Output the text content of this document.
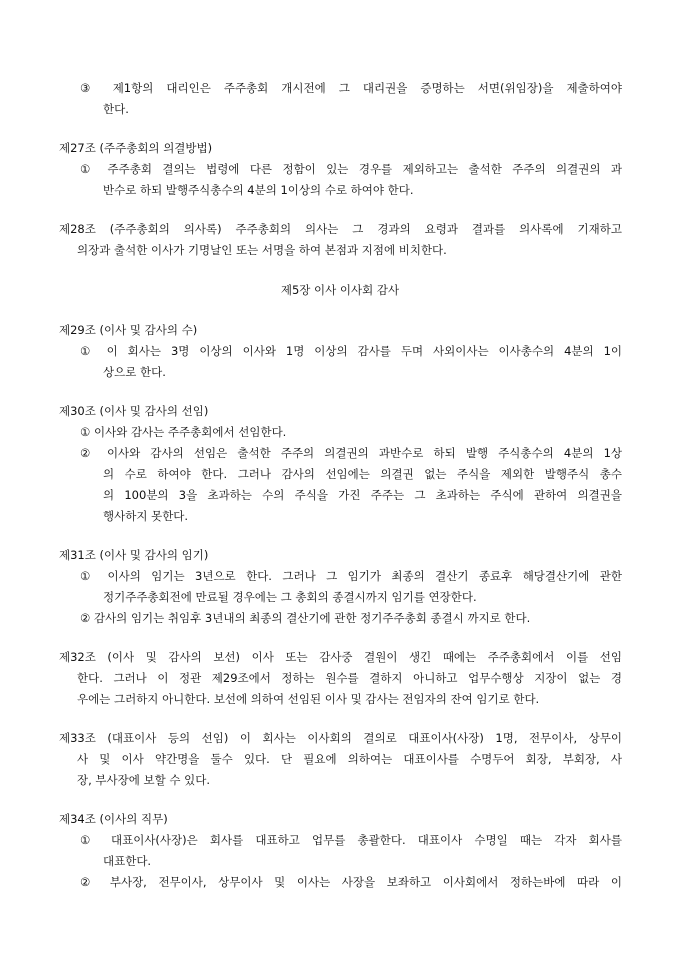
③ 제1항의 대리인은 주주총회 개시전에 그 대리권을 증명하는 서면(위임장)을 제출하여야
한다.
제27조 (주주총회의 의결방법)
① 주주총회 결의는 법령에 다른 정함이 있는 경우를 제외하고는 출석한 주주의 의결권의 과
반수로 하되 발행주식총수의 4분의 1이상의 수로 하여야 한다.
제28조 (주주총회의 의사록) 주주총회의 의사는 그 경과의 요령과 결과를 의사록에 기재하고
의장과 출석한 이사가 기명날인 또는 서명을 하여 본점과 지점에 비치한다.
제5장 이사 이사회 감사
제29조 (이사 및 감사의 수)
① 이 회사는 3명 이상의 이사와 1명 이상의 감사를 두며 사외이사는 이사총수의 4분의 1이
상으로 한다.
제30조 (이사 및 감사의 선임)
① 이사와 감사는 주주총회에서 선임한다.
② 이사와 감사의 선임은 출석한 주주의 의결권의 과반수로 하되 발행 주식총수의 4분의 1상
의 수로 하여야 한다. 그러나 감사의 선임에는 의결권 없는 주식을 제외한 발행주식 총수
의 100분의 3을 초과하는 수의 주식을 가진 주주는 그 초과하는 주식에 관하여 의결권을
행사하지 못한다.
제31조 (이사 및 감사의 임기)
① 이사의 임기는 3년으로 한다. 그러나 그 임기가 최종의 결산기 종료후 해당결산기에 관한
정기주주총회전에 만료될 경우에는 그 총회의 종결시까지 임기를 연장한다.
② 감사의 임기는 취임후 3년내의 최종의 결산기에 관한 정기주주총회 종결시 까지로 한다.
제32조 (이사 및 감사의 보선) 이사 또는 감사중 결원이 생긴 때에는 주주총회에서 이를 선임
한다. 그러나 이 정관 제29조에서 정하는 원수를 결하지 아니하고 업무수행상 지장이 없는 경
우에는 그러하지 아니한다. 보선에 의하여 선임된 이사 및 감사는 전임자의 잔여 임기로 한다.
제33조 (대표이사 등의 선임) 이 회사는 이사회의 결의로 대표이사(사장) 1명, 전무이사, 상무이
사 및 이사 약간명을 둘수 있다. 단 필요에 의하여는 대표이사를 수명두어 회장, 부회장, 사
장, 부사장에 보할 수 있다.
제34조 (이사의 직무)
① 대표이사(사장)은 회사를 대표하고 업무를 총괄한다. 대표이사 수명일 때는 각자 회사를
대표한다.
② 부사장, 전무이사, 상무이사 및 이사는 사장을 보좌하고 이사회에서 정하는바에 따라 이
